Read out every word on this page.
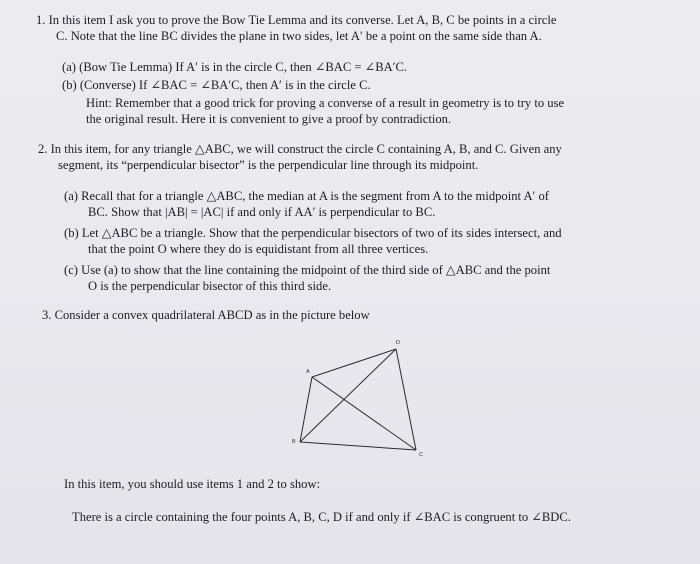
1. In this item I ask you to prove the Bow Tie Lemma and its converse. Let A, B, C be points in a circle
C. Note that the line BC divides the plane in two sides, let A′ be a point on the same side than A.
(a) (Bow Tie Lemma) If A′ is in the circle C, then ∠BAC = ∠BA′C.
(b) (Converse) If ∠BAC = ∠BA′C, then A′ is in the circle C.
Hint: Remember that a good trick for proving a converse of a result in geometry is to try to use
the original result. Here it is convenient to give a proof by contradiction.
2. In this item, for any triangle △ABC, we will construct the circle C containing A, B, and C. Given any
segment, its “perpendicular bisector” is the perpendicular line through its midpoint.
(a) Recall that for a triangle △ABC, the median at A is the segment from A to the midpoint A′ of
BC. Show that |AB| = |AC| if and only if AA′ is perpendicular to BC.
(b) Let △ABC be a triangle. Show that the perpendicular bisectors of two of its sides intersect, and
that the point O where they do is equidistant from all three vertices.
(c) Use (a) to show that the line containing the midpoint of the third side of △ABC and the point
O is the perpendicular bisector of this third side.
3. Consider a convex quadrilateral ABCD as in the picture below
A
B
C
D
In this item, you should use items 1 and 2 to show:
There is a circle containing the four points A, B, C, D if and only if ∠BAC is congruent to ∠BDC.
